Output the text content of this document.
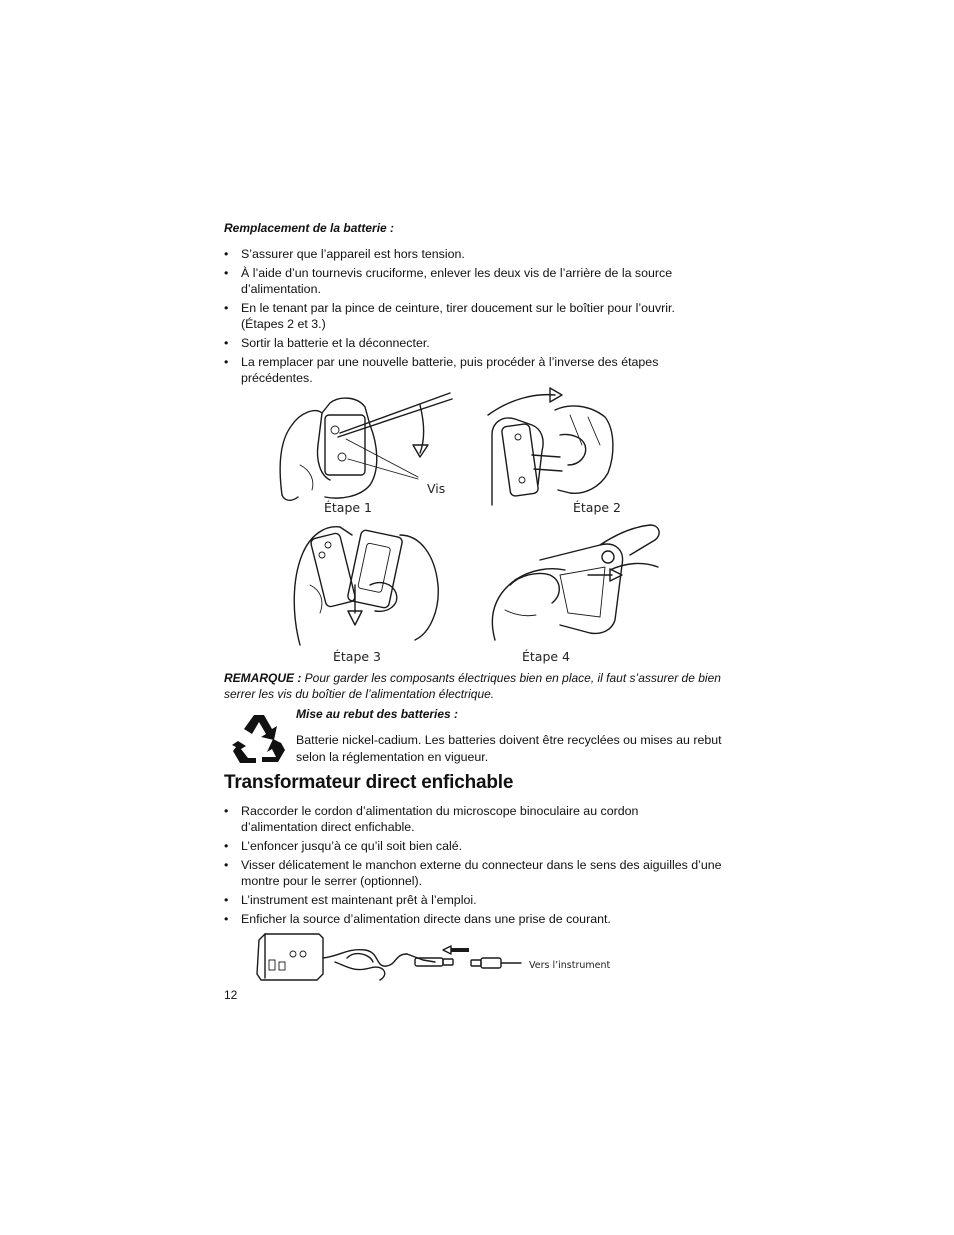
Remplacement de la batterie :
• S’assurer que l’appareil est hors tension.
• À l’aide d’un tournevis cruciforme, enlever les deux vis de l’arrière de la source d’alimentation.
• En le tenant par la pince de ceinture, tirer doucement sur le boîtier pour l’ouvrir. (Étapes 2 et 3.)
• Sortir la batterie et la déconnecter.
• La remplacer par une nouvelle batterie, puis procéder à l’inverse des étapes précédentes.
Vis
Étape 1	Étape 2
Étape 3	Étape 4
REMARQUE : Pour garder les composants électriques bien en place, il faut s’assurer de bien serrer les vis du boîtier de l’alimentation électrique.
Mise au rebut des batteries :
Batterie nickel-cadium. Les batteries doivent être recyclées ou mises au rebut selon la réglementation en vigueur.
Transformateur direct enfichable
• Raccorder le cordon d’alimentation du microscope binoculaire au cordon d’alimentation direct enfichable.
• L’enfoncer jusqu’à ce qu’il soit bien calé.
• Visser délicatement le manchon externe du connecteur dans le sens des aiguilles d’une montre pour le serrer (optionnel).
• L’instrument est maintenant prêt à l’emploi.
• Enficher la source d’alimentation directe dans une prise de courant.
Vers l’instrument
12
